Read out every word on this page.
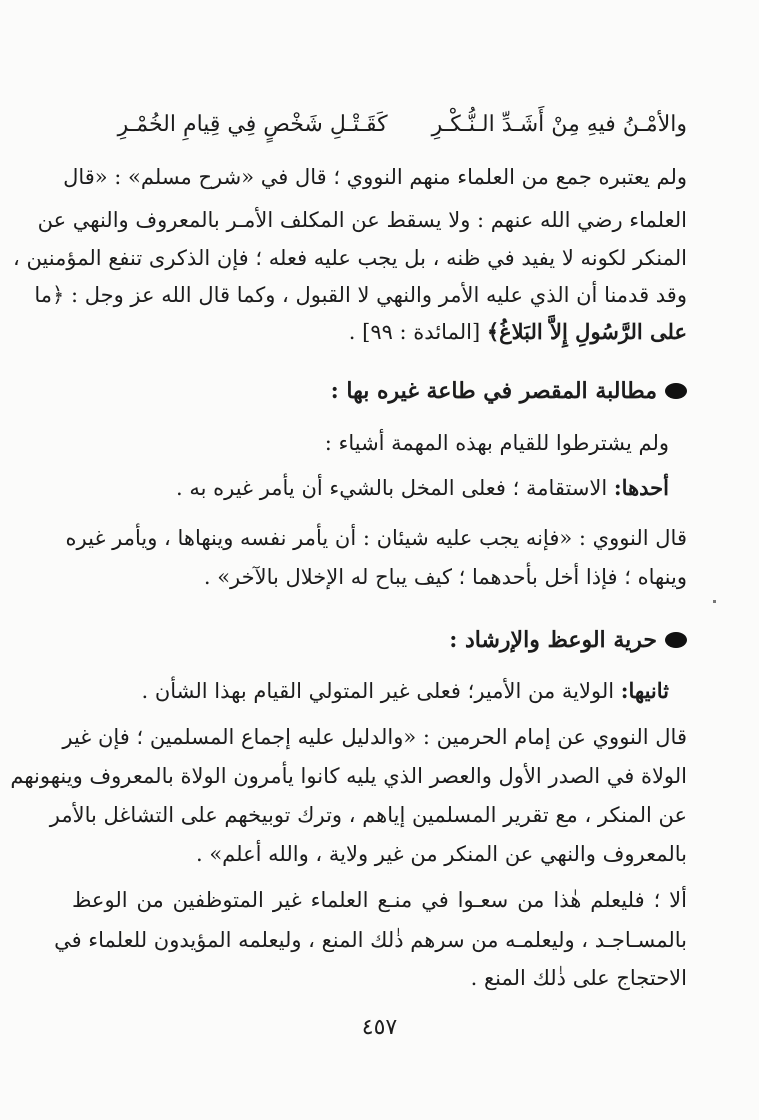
والأمْـنُ فيهِ مِنْ أَشَـدِّ الـنُّـكْـرِ
كَقَـتْـلِ شَخْصٍ فِي قِيامِ الخُمْـرِ
ولم يعتبره جمع من العلماء منهم النووي ؛ قال في «شرح مسلم» : «قال
العلماء رضي الله عنهم : ولا يسقط عن المكلف الأمـر بالمعروف والنهي عن
المنكر لكونه لا يفيد في ظنه ، بل يجب عليه فعله ؛ فإن الذكرى تنفع المؤمنين ،
وقد قدمنا أن الذي عليه الأمر والنهي لا القبول ، وكما قال الله عز وجل : ﴿ما
على الرَّسُولِ إِلاَّ البَلاغُ﴾ [المائدة : ٩٩] .
مطالبة المقصر في طاعة غيره بها :
ولم يشترطوا للقيام بهذه المهمة أشياء :
أحدها: الاستقامة ؛ فعلى المخل بالشيء أن يأمر غيره به .
قال النووي : «فإنه يجب عليه شيئان : أن يأمر نفسه وينهاها ، ويأمر غيره
وينهاه ؛ فإذا أخل بأحدهما ؛ كيف يباح له الإخلال بالآخر» .
حرية الوعظ والإرشاد :
ثانيها: الولاية من الأمير؛ فعلى غير المتولي القيام بهذا الشأن .
قال النووي عن إمام الحرمين : «والدليل عليه إجماع المسلمين ؛ فإن غير
الولاة في الصدر الأول والعصر الذي يليه كانوا يأمرون الولاة بالمعروف وينهونهم
عن المنكر ، مع تقرير المسلمين إياهم ، وترك توبيخهم على التشاغل بالأمر
بالمعروف والنهي عن المنكر من غير ولاية ، والله أعلم» .
ألا ؛ فليعلم هٰذا من سعـوا في منـع العلماء غير المتوظفين من الوعظ
بالمسـاجـد ، وليعلمـه من سرهم ذٰلك المنع ، وليعلمه المؤيدون للعلماء في
الاحتجاج على ذٰلك المنع .
٤٥٧
